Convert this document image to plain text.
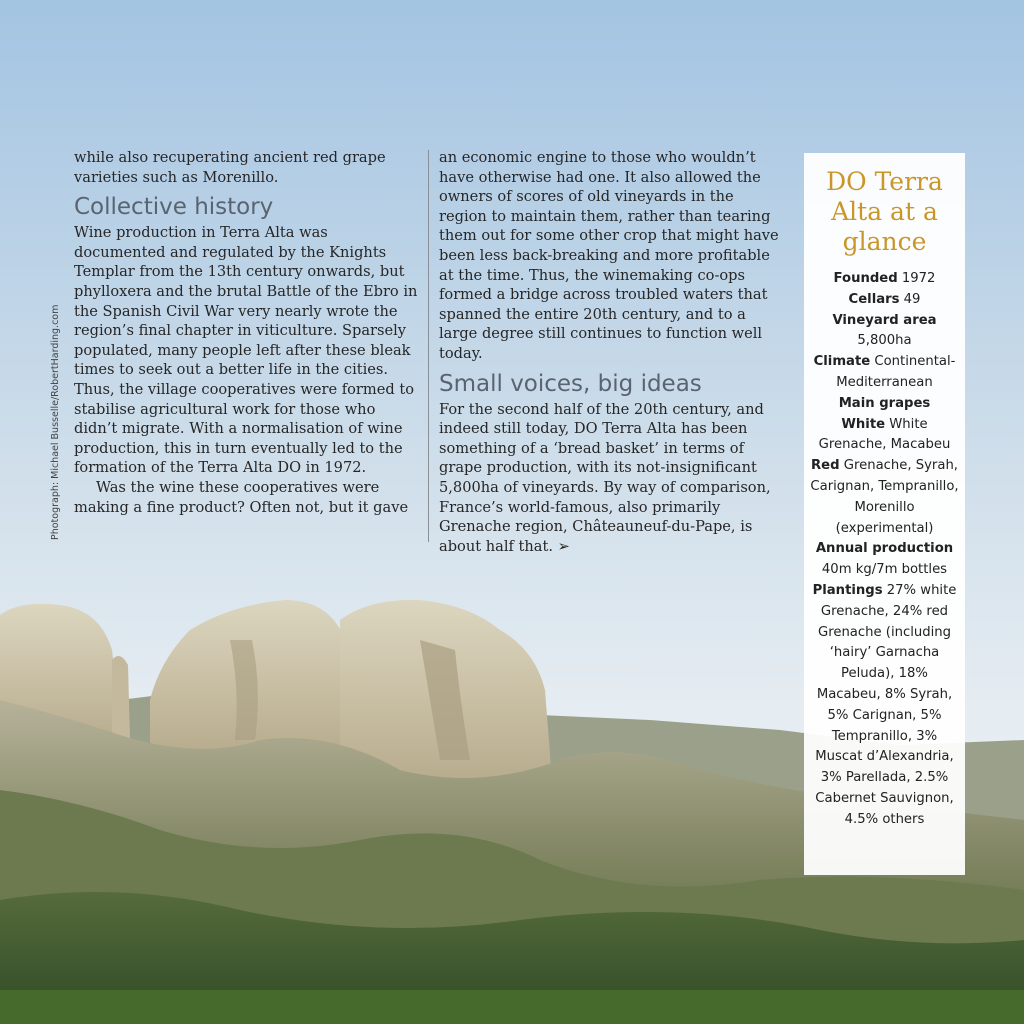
Photograph: Michael Busselle/RobertHarding.com

while also recuperating ancient red grape varieties such as Morenillo.

Collective history

Wine production in Terra Alta was documented and regulated by the Knights Templar from the 13th century onwards, but phylloxera and the brutal Battle of the Ebro in the Spanish Civil War very nearly wrote the region’s final chapter in viticulture. Sparsely populated, many people left after these bleak times to seek out a better life in the cities. Thus, the village cooperatives were formed to stabilise agricultural work for those who didn’t migrate. With a normalisation of wine production, this in turn eventually led to the formation of the Terra Alta DO in 1972.

Was the wine these cooperatives were making a fine product? Often not, but it gave

an economic engine to those who wouldn’t have otherwise had one. It also allowed the owners of scores of old vineyards in the region to maintain them, rather than tearing them out for some other crop that might have been less back-breaking and more profitable at the time. Thus, the winemaking co-ops formed a bridge across troubled waters that spanned the entire 20th century, and to a large degree still continues to function well today.

Small voices, big ideas

For the second half of the 20th century, and indeed still today, DO Terra Alta has been something of a ‘bread basket’ in terms of grape production, with its not-insignificant 5,800ha of vineyards. By way of comparison, France’s world-famous, also primarily Grenache region, Châteauneuf-du-Pape, is about half that. ➢

DO Terra Alta at a glance

Founded 1972

Cellars 49

Vineyard area 5,800ha

Climate Continental-Mediterranean

Main grapes

White White Grenache, Macabeu

Red Grenache, Syrah, Carignan, Tempranillo, Morenillo (experimental)

Annual production 40m kg/7m bottles

Plantings 27% white Grenache, 24% red Grenache (including ‘hairy’ Garnacha Peluda), 18% Macabeu, 8% Syrah, 5% Carignan, 5% Tempranillo, 3% Muscat d’Alexandria, 3% Parellada, 2.5% Cabernet Sauvignon, 4.5% others
